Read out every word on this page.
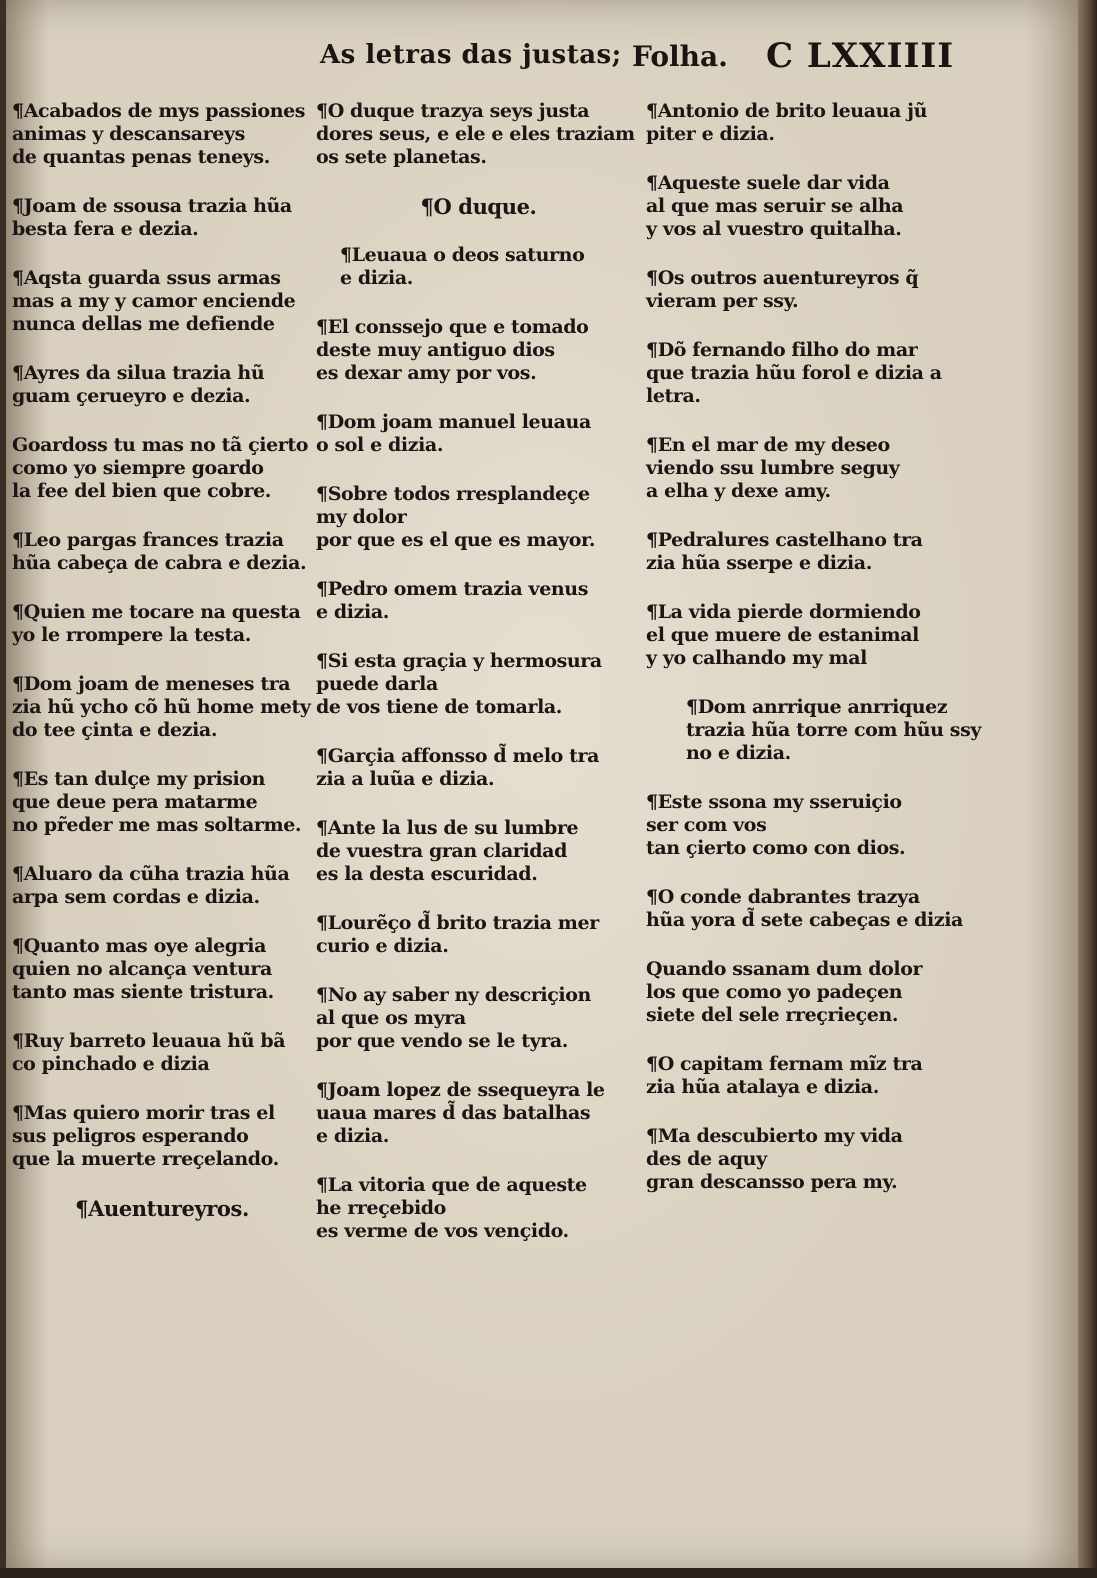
As letras das justas; Folha. C LXXIIII
¶Acabados de mys passiones
animas y descansareys
de quantas penas teneys.
¶Joam de ssousa trazia hũa
besta fera e dezia.
¶Aqsta guarda ssus armas
mas a my y camor enciende
nunca dellas me defiende
¶Ayres da silua trazia hũ
guam çerueyro e dezia.
Goardoss tu mas no tã çierto
como yo siempre goardo
la fee del bien que cobre.
¶Leo pargas frances trazia
hũa cabeça de cabra e dezia.
¶Quien me tocare na questa
yo le rrompere la testa.
¶Dom joam de meneses tra
zia hũ ycho cõ hũ home mety
do tee çinta e dezia.
¶Es tan dulçe my prision
que deue pera matarme
no pr̃eder me mas soltarme.
¶Aluaro da cũha trazia hũa
arpa sem cordas e dizia.
¶Quanto mas oye alegria
quien no alcança ventura
tanto mas siente tristura.
¶Ruy barreto leuaua hũ bã
co pinchado e dizia
¶Mas quiero morir tras el
sus peligros esperando
que la muerte rreçelando.
¶Auentureyros.
¶O duque trazya seys justa
dores seus, e ele e eles traziam
os sete planetas.
¶O duque.
¶Leuaua o deos saturno
e dizia.
¶El conssejo que e tomado
deste muy antiguo dios
es dexar amy por vos.
¶Dom joam manuel leuaua
o sol e dizia.
¶Sobre todos rresplandeçe
my dolor
por que es el que es mayor.
¶Pedro omem trazia venus
e dizia.
¶Si esta graçia y hermosura
puede darla
de vos tiene de tomarla.
¶Garçia affonsso d̃ melo tra
zia a luũa e dizia.
¶Ante la lus de su lumbre
de vuestra gran claridad
es la desta escuridad.
¶Lourẽço d̃ brito trazia mer
curio e dizia.
¶No ay saber ny descriçion
al que os myra
por que vendo se le tyra.
¶Joam lopez de ssequeyra le
uaua mares d̃ das batalhas
e dizia.
¶La vitoria que de aqueste
he rreçebido
es verme de vos vençido.
¶Antonio de brito leuaua jũ
piter e dizia.
¶Aqueste suele dar vida
al que mas seruir se alha
y vos al vuestro quitalha.
¶Os outros auentureyros q̃
vieram per ssy.
¶Dõ fernando filho do mar
que trazia hũu forol e dizia a
letra.
¶En el mar de my deseo
viendo ssu lumbre seguy
a elha y dexe amy.
¶Pedralures castelhano tra
zia hũa sserpe e dizia.
¶La vida pierde dormiendo
el que muere de estanimal
y yo calhando my mal
¶Dom anrrique anrriquez
trazia hũa torre com hũu ssy
no e dizia.
¶Este ssona my sseruiçio
ser com vos
tan çierto como con dios.
¶O conde dabrantes trazya
hũa yora d̃ sete cabeças e dizia
Quando ssanam dum dolor
los que como yo padeçen
siete del sele rreçrieçen.
¶O capitam fernam mĩz tra
zia hũa atalaya e dizia.
¶Ma descubierto my vida
des de aquy
gran descansso pera my.
